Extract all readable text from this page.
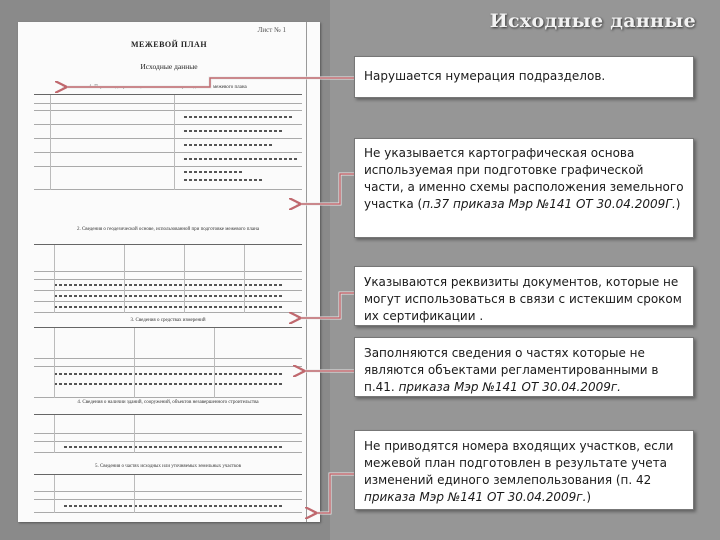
Исходные данные
Лист № 1
МЕЖЕВОЙ ПЛАН
Исходные данные
1. Перечень документов, использованных при подготовке межевого плана
2. Сведения о геодезической основе, использованной при подготовке межевого плана
3. Сведения о средствах измерений
4. Сведения о наличии зданий, сооружений, объектов незавершенного строительства
5. Сведения о частях исходных или уточняемых земельных участков
Нарушается нумерация подразделов.
Не указывается картографическая основа используемая при подготовке графической части, а именно схемы расположения земельного участка (п.37 приказа Мэр №141 ОТ 30.04.2009Г.)
Указываются реквизиты документов, которые не могут использоваться в связи с истекшим сроком их сертификации .
Заполняются сведения о частях которые не являются объектами регламентированными в п.41. приказа Мэр №141 ОТ 30.04.2009г.
Не приводятся номера входящих участков, если межевой план подготовлен в результате учета изменений единого землепользования (п. 42 приказа Мэр №141 ОТ 30.04.2009г.)
